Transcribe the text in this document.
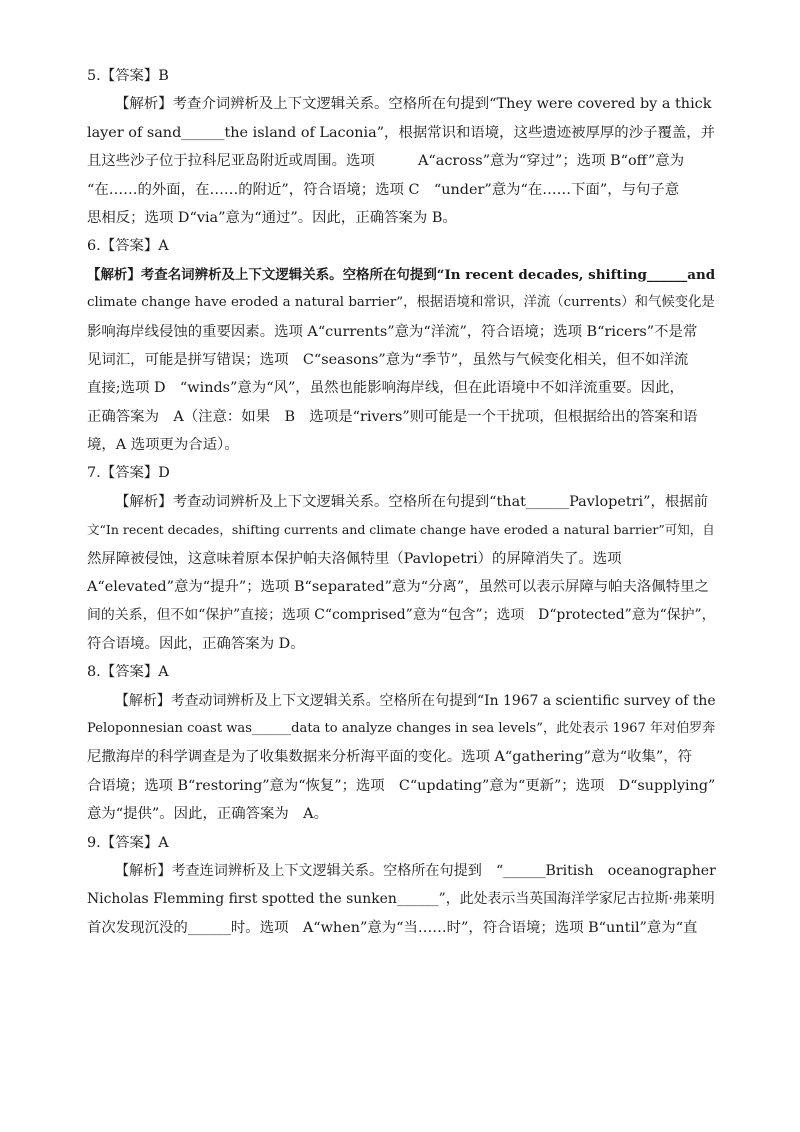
5.【答案】B
【解析】考查介词辨析及上下文逻辑关系。空格所在句提到“They were covered by a thick
layer of sand______the island of Laconia”，根据常识和语境，这些遗迹被厚厚的沙子覆盖，并
且这些沙子位于拉科尼亚岛附近或周围。选项　　　A“across”意为“穿过”；选项 B“off”意为
“在……的外面，在……的附近”，符合语境；选项 C　“under”意为“在……下面”，与句子意
思相反；选项 D“via”意为“通过”。因此，正确答案为 B。
6.【答案】A
【解析】考查名词辨析及上下文逻辑关系。空格所在句提到“In recent decades, shifting______and
climate change have eroded a natural barrier”，根据语境和常识，洋流（currents）和气候变化是
影响海岸线侵蚀的重要因素。选项 A“currents”意为“洋流”，符合语境；选项 B“ricers”不是常
见词汇，可能是拼写错误；选项　C“seasons”意为“季节”，虽然与气候变化相关，但不如洋流
直接;选项 D　“winds”意为“风”，虽然也能影响海岸线，但在此语境中不如洋流重要。因此，
正确答案为　A（注意：如果　B　选项是“rivers”则可能是一个干扰项，但根据给出的答案和语
境，A 选项更为合适）。
7.【答案】D
【解析】考查动词辨析及上下文逻辑关系。空格所在句提到“that______Pavlopetri”，根据前
文“In recent decades，shifting currents and climate change have eroded a natural barrier”可知，自
然屏障被侵蚀，这意味着原本保护帕夫洛佩特里（Pavlopetri）的屏障消失了。选项
A“elevated”意为“提升”；选项 B“separated”意为“分离”，虽然可以表示屏障与帕夫洛佩特里之
间的关系，但不如“保护”直接；选项 C“comprised”意为“包含”；选项　D“protected”意为“保护”，
符合语境。因此，正确答案为 D。
8.【答案】A
【解析】考查动词辨析及上下文逻辑关系。空格所在句提到“In 1967 a scientific survey of the
Peloponnesian coast was______data to analyze changes in sea levels”，此处表示 1967 年对伯罗奔
尼撒海岸的科学调查是为了收集数据来分析海平面的变化。选项 A“gathering”意为“收集”，符
合语境；选项 B“restoring”意为“恢复”；选项　C“updating”意为“更新”；选项　D“supplying”
意为“提供”。因此，正确答案为　A。
9.【答案】A
【解析】考查连词辨析及上下文逻辑关系。空格所在句提到　“______British　oceanographer
Nicholas Flemming first spotted the sunken______”，此处表示当英国海洋学家尼古拉斯·弗莱明
首次发现沉没的______时。选项　A“when”意为“当……时”，符合语境；选项 B“until”意为“直
